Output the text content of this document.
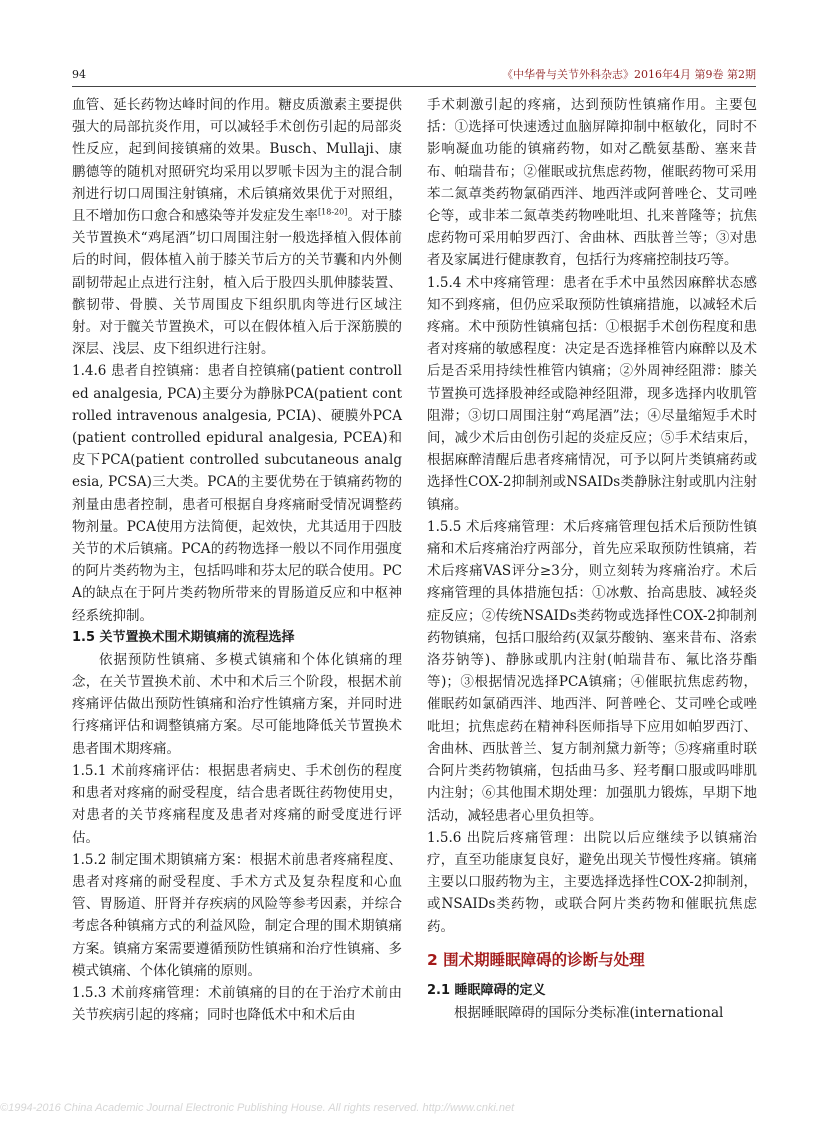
94	《中华骨与关节外科杂志》2016年4月 第9卷 第2期

血管、延长药物达峰时间的作用。糖皮质激素主要提供强大的局部抗炎作用，可以减轻手术创伤引起的局部炎性反应，起到间接镇痛的效果。Busch、Mullaji、康鹏德等的随机对照研究均采用以罗哌卡因为主的混合制剂进行切口周围注射镇痛，术后镇痛效果优于对照组，且不增加伤口愈合和感染等并发症发生率[18-20]。对于膝关节置换术“鸡尾酒”切口周围注射一般选择植入假体前后的时间，假体植入前于膝关节后方的关节囊和内外侧副韧带起止点进行注射，植入后于股四头肌伸膝装置、髌韧带、骨膜、关节周围皮下组织肌肉等进行区域注射。对于髋关节置换术，可以在假体植入后于深筋膜的深层、浅层、皮下组织进行注射。

1.4.6 患者自控镇痛：患者自控镇痛(patient controlled analgesia, PCA)主要分为静脉PCA(patient controlled intravenous analgesia, PCIA)、硬膜外PCA(patient controlled epidural analgesia, PCEA)和皮下PCA(patient controlled subcutaneous analgesia, PCSA)三大类。PCA的主要优势在于镇痛药物的剂量由患者控制，患者可根据自身疼痛耐受情况调整药物剂量。PCA使用方法简便，起效快，尤其适用于四肢关节的术后镇痛。PCA的药物选择一般以不同作用强度的阿片类药物为主，包括吗啡和芬太尼的联合使用。PCA的缺点在于阿片类药物所带来的胃肠道反应和中枢神经系统抑制。

1.5 关节置换术围术期镇痛的流程选择

依据预防性镇痛、多模式镇痛和个体化镇痛的理念，在关节置换术前、术中和术后三个阶段，根据术前疼痛评估做出预防性镇痛和治疗性镇痛方案，并同时进行疼痛评估和调整镇痛方案。尽可能地降低关节置换术患者围术期疼痛。

1.5.1 术前疼痛评估：根据患者病史、手术创伤的程度和患者对疼痛的耐受程度，结合患者既往药物使用史，对患者的关节疼痛程度及患者对疼痛的耐受度进行评估。

1.5.2 制定围术期镇痛方案：根据术前患者疼痛程度、患者对疼痛的耐受程度、手术方式及复杂程度和心血管、胃肠道、肝肾并存疾病的风险等参考因素，并综合考虑各种镇痛方式的利益风险，制定合理的围术期镇痛方案。镇痛方案需要遵循预防性镇痛和治疗性镇痛、多模式镇痛、个体化镇痛的原则。

1.5.3 术前疼痛管理：术前镇痛的目的在于治疗术前由关节疾病引起的疼痛；同时也降低术中和术后由

手术刺激引起的疼痛，达到预防性镇痛作用。主要包括：①选择可快速透过血脑屏障抑制中枢敏化，同时不影响凝血功能的镇痛药物，如对乙酰氨基酚、塞来昔布、帕瑞昔布；②催眠或抗焦虑药物，催眠药物可采用苯二氮䓬类药物氯硝西泮、地西泮或阿普唑仑、艾司唑仑等，或非苯二氮䓬类药物唑吡坦、扎来普隆等；抗焦虑药物可采用帕罗西汀、舍曲林、西肽普兰等；③对患者及家属进行健康教育，包括行为疼痛控制技巧等。

1.5.4 术中疼痛管理：患者在手术中虽然因麻醉状态感知不到疼痛，但仍应采取预防性镇痛措施，以减轻术后疼痛。术中预防性镇痛包括：①根据手术创伤程度和患者对疼痛的敏感程度：决定是否选择椎管内麻醉以及术后是否采用持续性椎管内镇痛；②外周神经阻滞：膝关节置换可选择股神经或隐神经阻滞，现多选择内收肌管阻滞；③切口周围注射“鸡尾酒”法；④尽量缩短手术时间，减少术后由创伤引起的炎症反应；⑤手术结束后，根据麻醉清醒后患者疼痛情况，可予以阿片类镇痛药或选择性COX-2抑制剂或NSAIDs类静脉注射或肌内注射镇痛。

1.5.5 术后疼痛管理：术后疼痛管理包括术后预防性镇痛和术后疼痛治疗两部分，首先应采取预防性镇痛，若术后疼痛VAS评分≥3分，则立刻转为疼痛治疗。术后疼痛管理的具体措施包括：①冰敷、抬高患肢、减轻炎症反应；②传统NSAIDs类药物或选择性COX-2抑制剂药物镇痛，包括口服给药(双氯芬酸钠、塞来昔布、洛索洛芬钠等)、静脉或肌内注射(帕瑞昔布、氟比洛芬酯等)；③根据情况选择PCA镇痛；④催眠抗焦虑药物，催眠药如氯硝西泮、地西泮、阿普唑仑、艾司唑仑或唑吡坦；抗焦虑药在精神科医师指导下应用如帕罗西汀、舍曲林、西肽普兰、复方制剂黛力新等；⑤疼痛重时联合阿片类药物镇痛，包括曲马多、羟考酮口服或吗啡肌内注射；⑥其他围术期处理：加强肌力锻炼，早期下地活动，减轻患者心里负担等。

1.5.6 出院后疼痛管理：出院以后应继续予以镇痛治疗，直至功能康复良好，避免出现关节慢性疼痛。镇痛主要以口服药物为主，主要选择选择性COX-2抑制剂，或NSAIDs类药物，或联合阿片类药物和催眠抗焦虑药。

2 围术期睡眠障碍的诊断与处理

2.1 睡眠障碍的定义

根据睡眠障碍的国际分类标准(international

©1994-2016 China Academic Journal Electronic Publishing House. All rights reserved. http://www.cnki.net
